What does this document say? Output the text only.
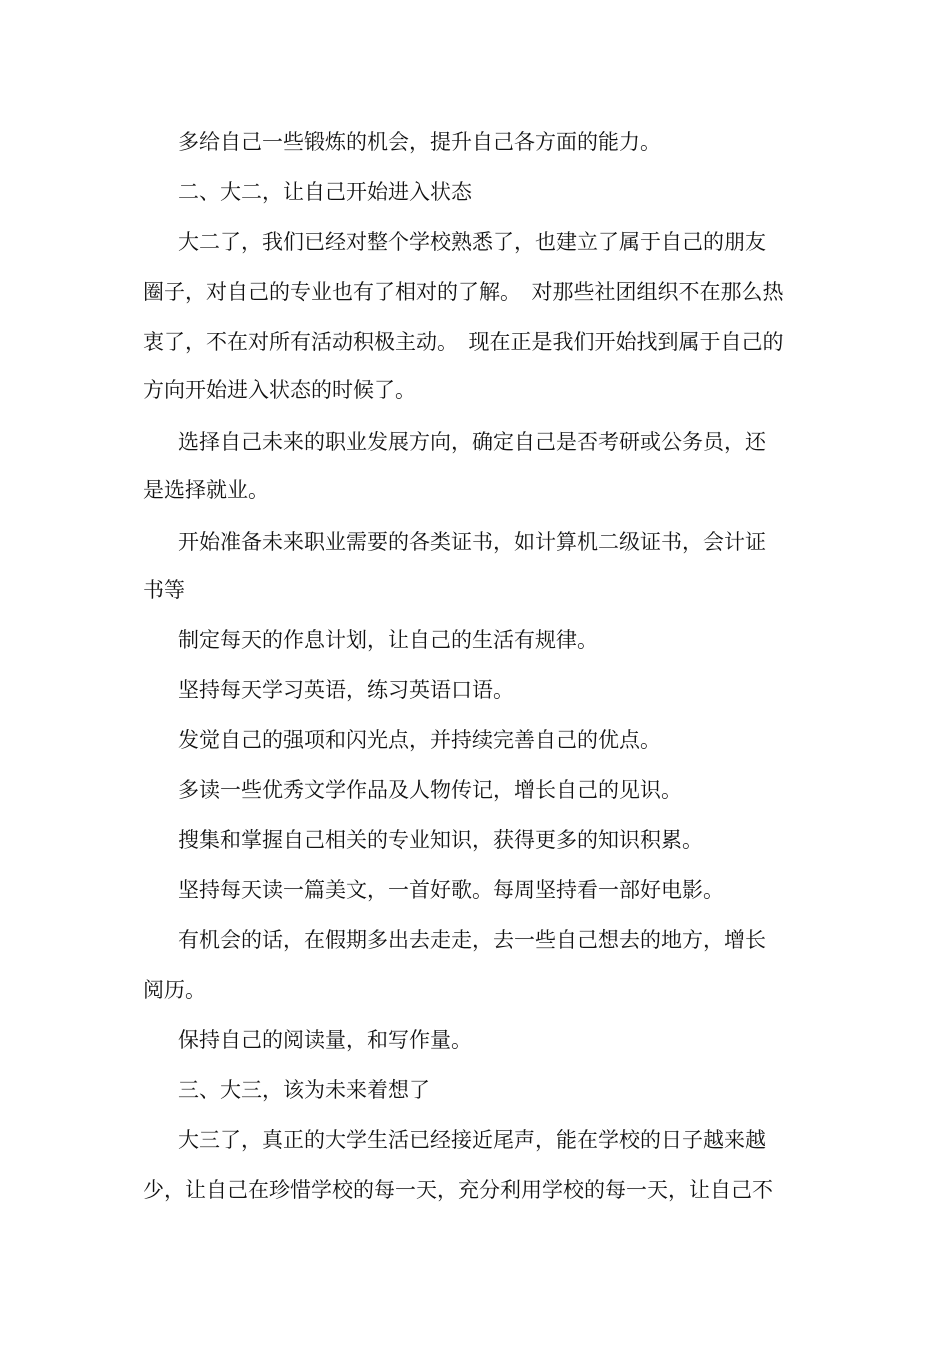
多给自己一些锻炼的机会，提升自己各方面的能力。

二、大二，让自己开始进入状态

大二了，我们已经对整个学校熟悉了，也建立了属于自己的朋友

圈子，对自己的专业也有了相对的了解。　对那些社团组织不在那么热

衷了，不在对所有活动积极主动。　现在正是我们开始找到属于自己的

方向开始进入状态的时候了。

选择自己未来的职业发展方向，确定自己是否考研或公务员，还

是选择就业。

开始准备未来职业需要的各类证书，如计算机二级证书，会计证

书等

制定每天的作息计划，让自己的生活有规律。

坚持每天学习英语，练习英语口语。

发觉自己的强项和闪光点，并持续完善自己的优点。

多读一些优秀文学作品及人物传记，增长自己的见识。

搜集和掌握自己相关的专业知识，获得更多的知识积累。

坚持每天读一篇美文，一首好歌。每周坚持看一部好电影。

有机会的话，在假期多出去走走，去一些自己想去的地方，增长

阅历。

保持自己的阅读量，和写作量。

三、大三，该为未来着想了

大三了，真正的大学生活已经接近尾声，能在学校的日子越来越

少，让自己在珍惜学校的每一天，充分利用学校的每一天，让自己不
